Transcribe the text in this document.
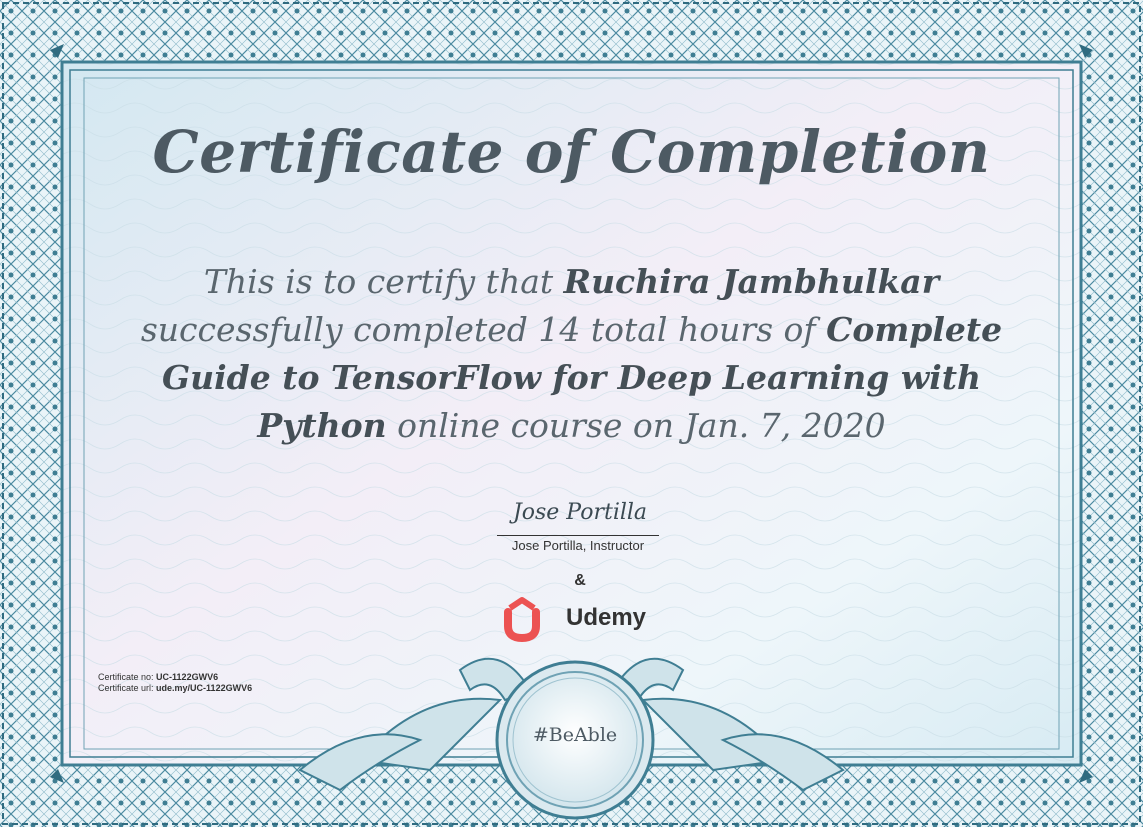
Certificate of Completion
This is to certify that Ruchira Jambhulkar
successfully completed 14 total hours of Complete Guide to TensorFlow for Deep Learning with Python online course on Jan. 7, 2020
Jose Portilla
Jose Portilla, Instructor
&
Udemy
Certificate no: UC-1122GWV6
Certificate url: ude.my/UC-1122GWV6
#BeAble
